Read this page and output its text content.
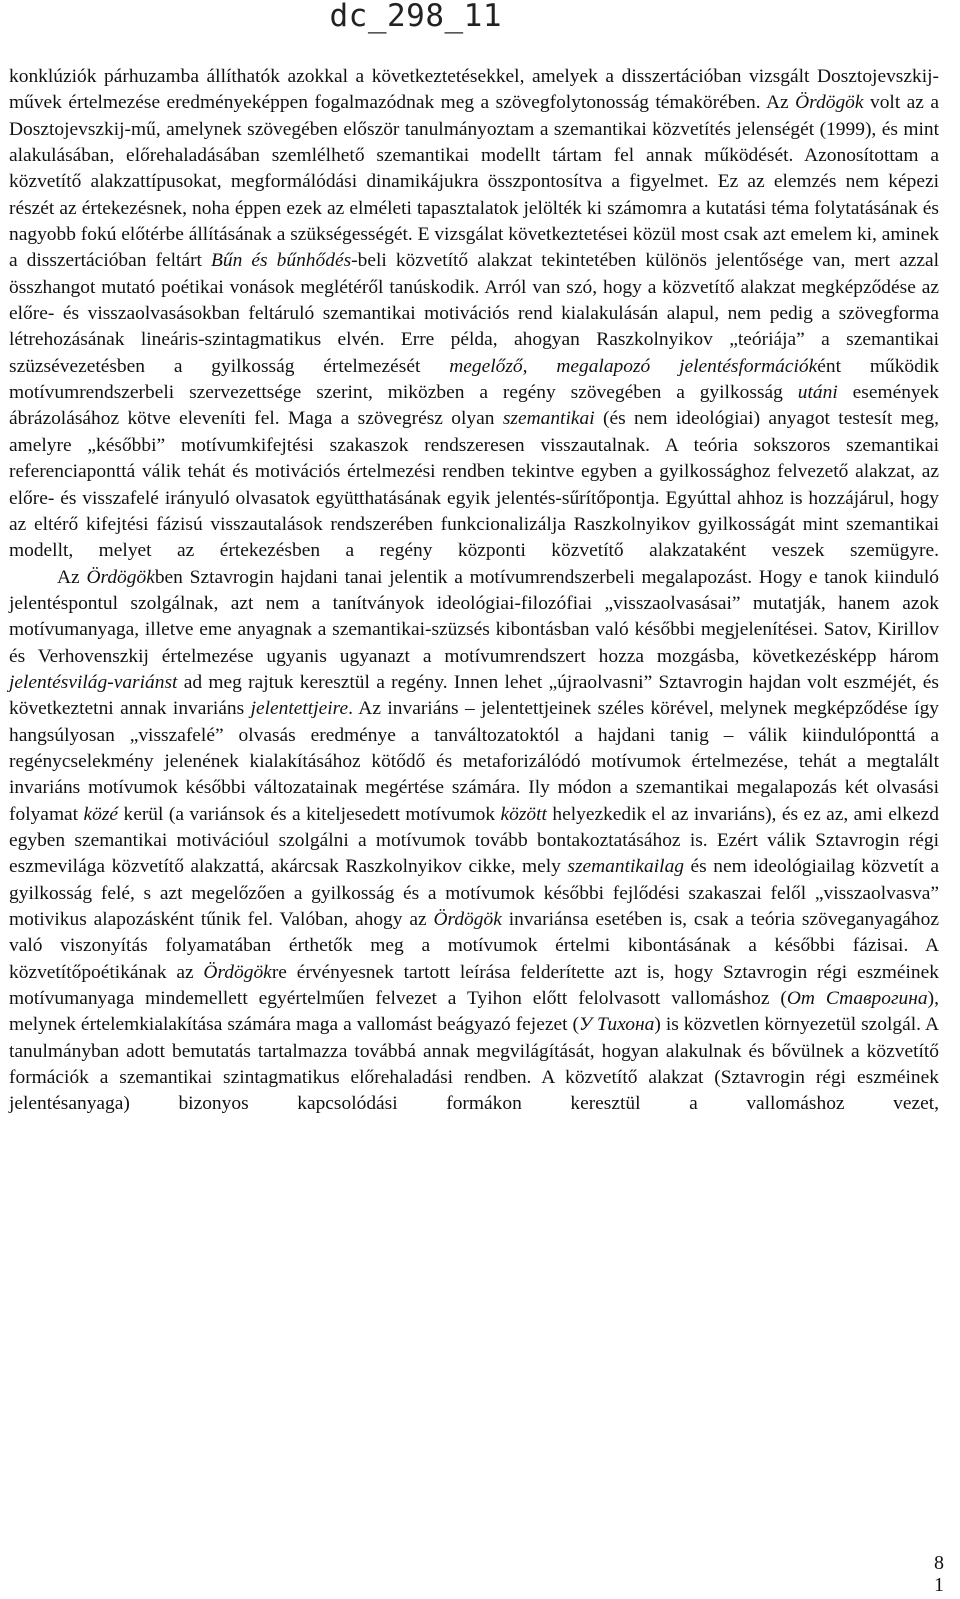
dc_298_11

konklúziók párhuzamba állíthatók azokkal a következtetésekkel, amelyek a disszertációban vizsgált Dosztojevszkij-művek értelmezése eredményeképpen fogalmazódnak meg a szövegfolytonosság témakörében. Az Ördögök volt az a Dosztojevszkij-mű, amelynek szövegében először tanulmányoztam a szemantikai közvetítés jelenségét (1999), és mint alakulásában, előrehaladásában szemlélhető szemantikai modellt tártam fel annak működését. Azonosítottam a közvetítő alakzattípusokat, megformálódási dinamikájukra összpontosítva a figyelmet. Ez az elemzés nem képezi részét az értekezésnek, noha éppen ezek az elméleti tapasztalatok jelölték ki számomra a kutatási téma folytatásának és nagyobb fokú előtérbe állításának a szükségességét. E vizsgálat következtetései közül most csak azt emelem ki, aminek a disszertációban feltárt Bűn és bűnhődés-beli közvetítő alakzat tekintetében különös jelentősége van, mert azzal összhangot mutató poétikai vonások meglétéről tanúskodik. Arról van szó, hogy a közvetítő alakzat megképződése az előre- és visszaolvasásokban feltáruló szemantikai motivációs rend kialakulásán alapul, nem pedig a szövegforma létrehozásának lineáris-szintagmatikus elvén. Erre példa, ahogyan Raszkolnyikov „teóriája” a szemantikai szüzsévezetésben a gyilkosság értelmezését megelőző, megalapozó jelentésformációként működik motívumrendszerbeli szervezettsége szerint, miközben a regény szövegében a gyilkosság utáni események ábrázolásához kötve eleveníti fel. Maga a szövegrész olyan szemantikai (és nem ideológiai) anyagot testesít meg, amelyre „későbbi” motívumkifejtési szakaszok rendszeresen visszautalnak. A teória sokszoros szemantikai referenciaponttá válik tehát és motivációs értelmezési rendben tekintve egyben a gyilkossághoz felvezető alakzat, az előre- és visszafelé irányuló olvasatok együtthatásának egyik jelentés-sűrítőpontja. Egyúttal ahhoz is hozzájárul, hogy az eltérő kifejtési fázisú visszautalások rendszerében funkcionalizálja Raszkolnyikov gyilkosságát mint szemantikai modellt, melyet az értekezésben a regény központi közvetítő alakzataként veszek szemügyre.

Az Ördögökben Sztavrogin hajdani tanai jelentik a motívumrendszerbeli megalapozást. Hogy e tanok kiinduló jelentéspontul szolgálnak, azt nem a tanítványok ideológiai-filozófiai „visszaolvasásai” mutatják, hanem azok motívumanyaga, illetve eme anyagnak a szemantikai-szüzsés kibontásban való későbbi megjelenítései. Satov, Kirillov és Verhovenszkij értelmezése ugyanis ugyanazt a motívumrendszert hozza mozgásba, következésképp három jelentésvilág-variánst ad meg rajtuk keresztül a regény. Innen lehet „újraolvasni” Sztavrogin hajdan volt eszméjét, és következtetni annak invariáns jelentettjeire. Az invariáns – jelentettjeinek széles körével, melynek megképződése így hangsúlyosan „visszafelé” olvasás eredménye a tanváltozatoktól a hajdani tanig – válik kiindulóponttá a regénycselekmény jelenének kialakításához kötődő és metaforizálódó motívumok értelmezése, tehát a megtalált invariáns motívumok későbbi változatainak megértése számára. Ily módon a szemantikai megalapozás két olvasási folyamat közé kerül (a variánsok és a kiteljesedett motívumok között helyezkedik el az invariáns), és ez az, ami elkezd egyben szemantikai motivációul szolgálni a motívumok tovább bontakoztatásához is. Ezért válik Sztavrogin régi eszmevilága közvetítő alakzattá, akárcsak Raszkolnyikov cikke, mely szemantikailag és nem ideológiailag közvetít a gyilkosság felé, s azt megelőzően a gyilkosság és a motívumok későbbi fejlődési szakaszai felől „visszaolvasva” motivikus alapozásként tűnik fel. Valóban, ahogy az Ördögök invariánsa esetében is, csak a teória szöveganyagához való viszonyítás folyamatában érthetők meg a motívumok értelmi kibontásának a későbbi fázisai. A közvetítőpoétikának az Ördögökre érvényesnek tartott leírása felderítette azt is, hogy Sztavrogin régi eszméinek motívumanyaga mindemellett egyértelműen felvezet a Tyihon előtt felolvasott vallomáshoz (От Ставрогина), melynek értelemkialakítása számára maga a vallomást beágyazó fejezet (У Тихона) is közvetlen környezetül szolgál. A tanulmányban adott bemutatás tartalmazza továbbá annak megvilágítását, hogyan alakulnak és bővülnek a közvetítő formációk a szemantikai szintagmatikus előrehaladási rendben. A közvetítő alakzat (Sztavrogin régi eszméinek jelentésanyaga) bizonyos kapcsolódási formákon keresztül a vallomáshoz vezet,

8
1
